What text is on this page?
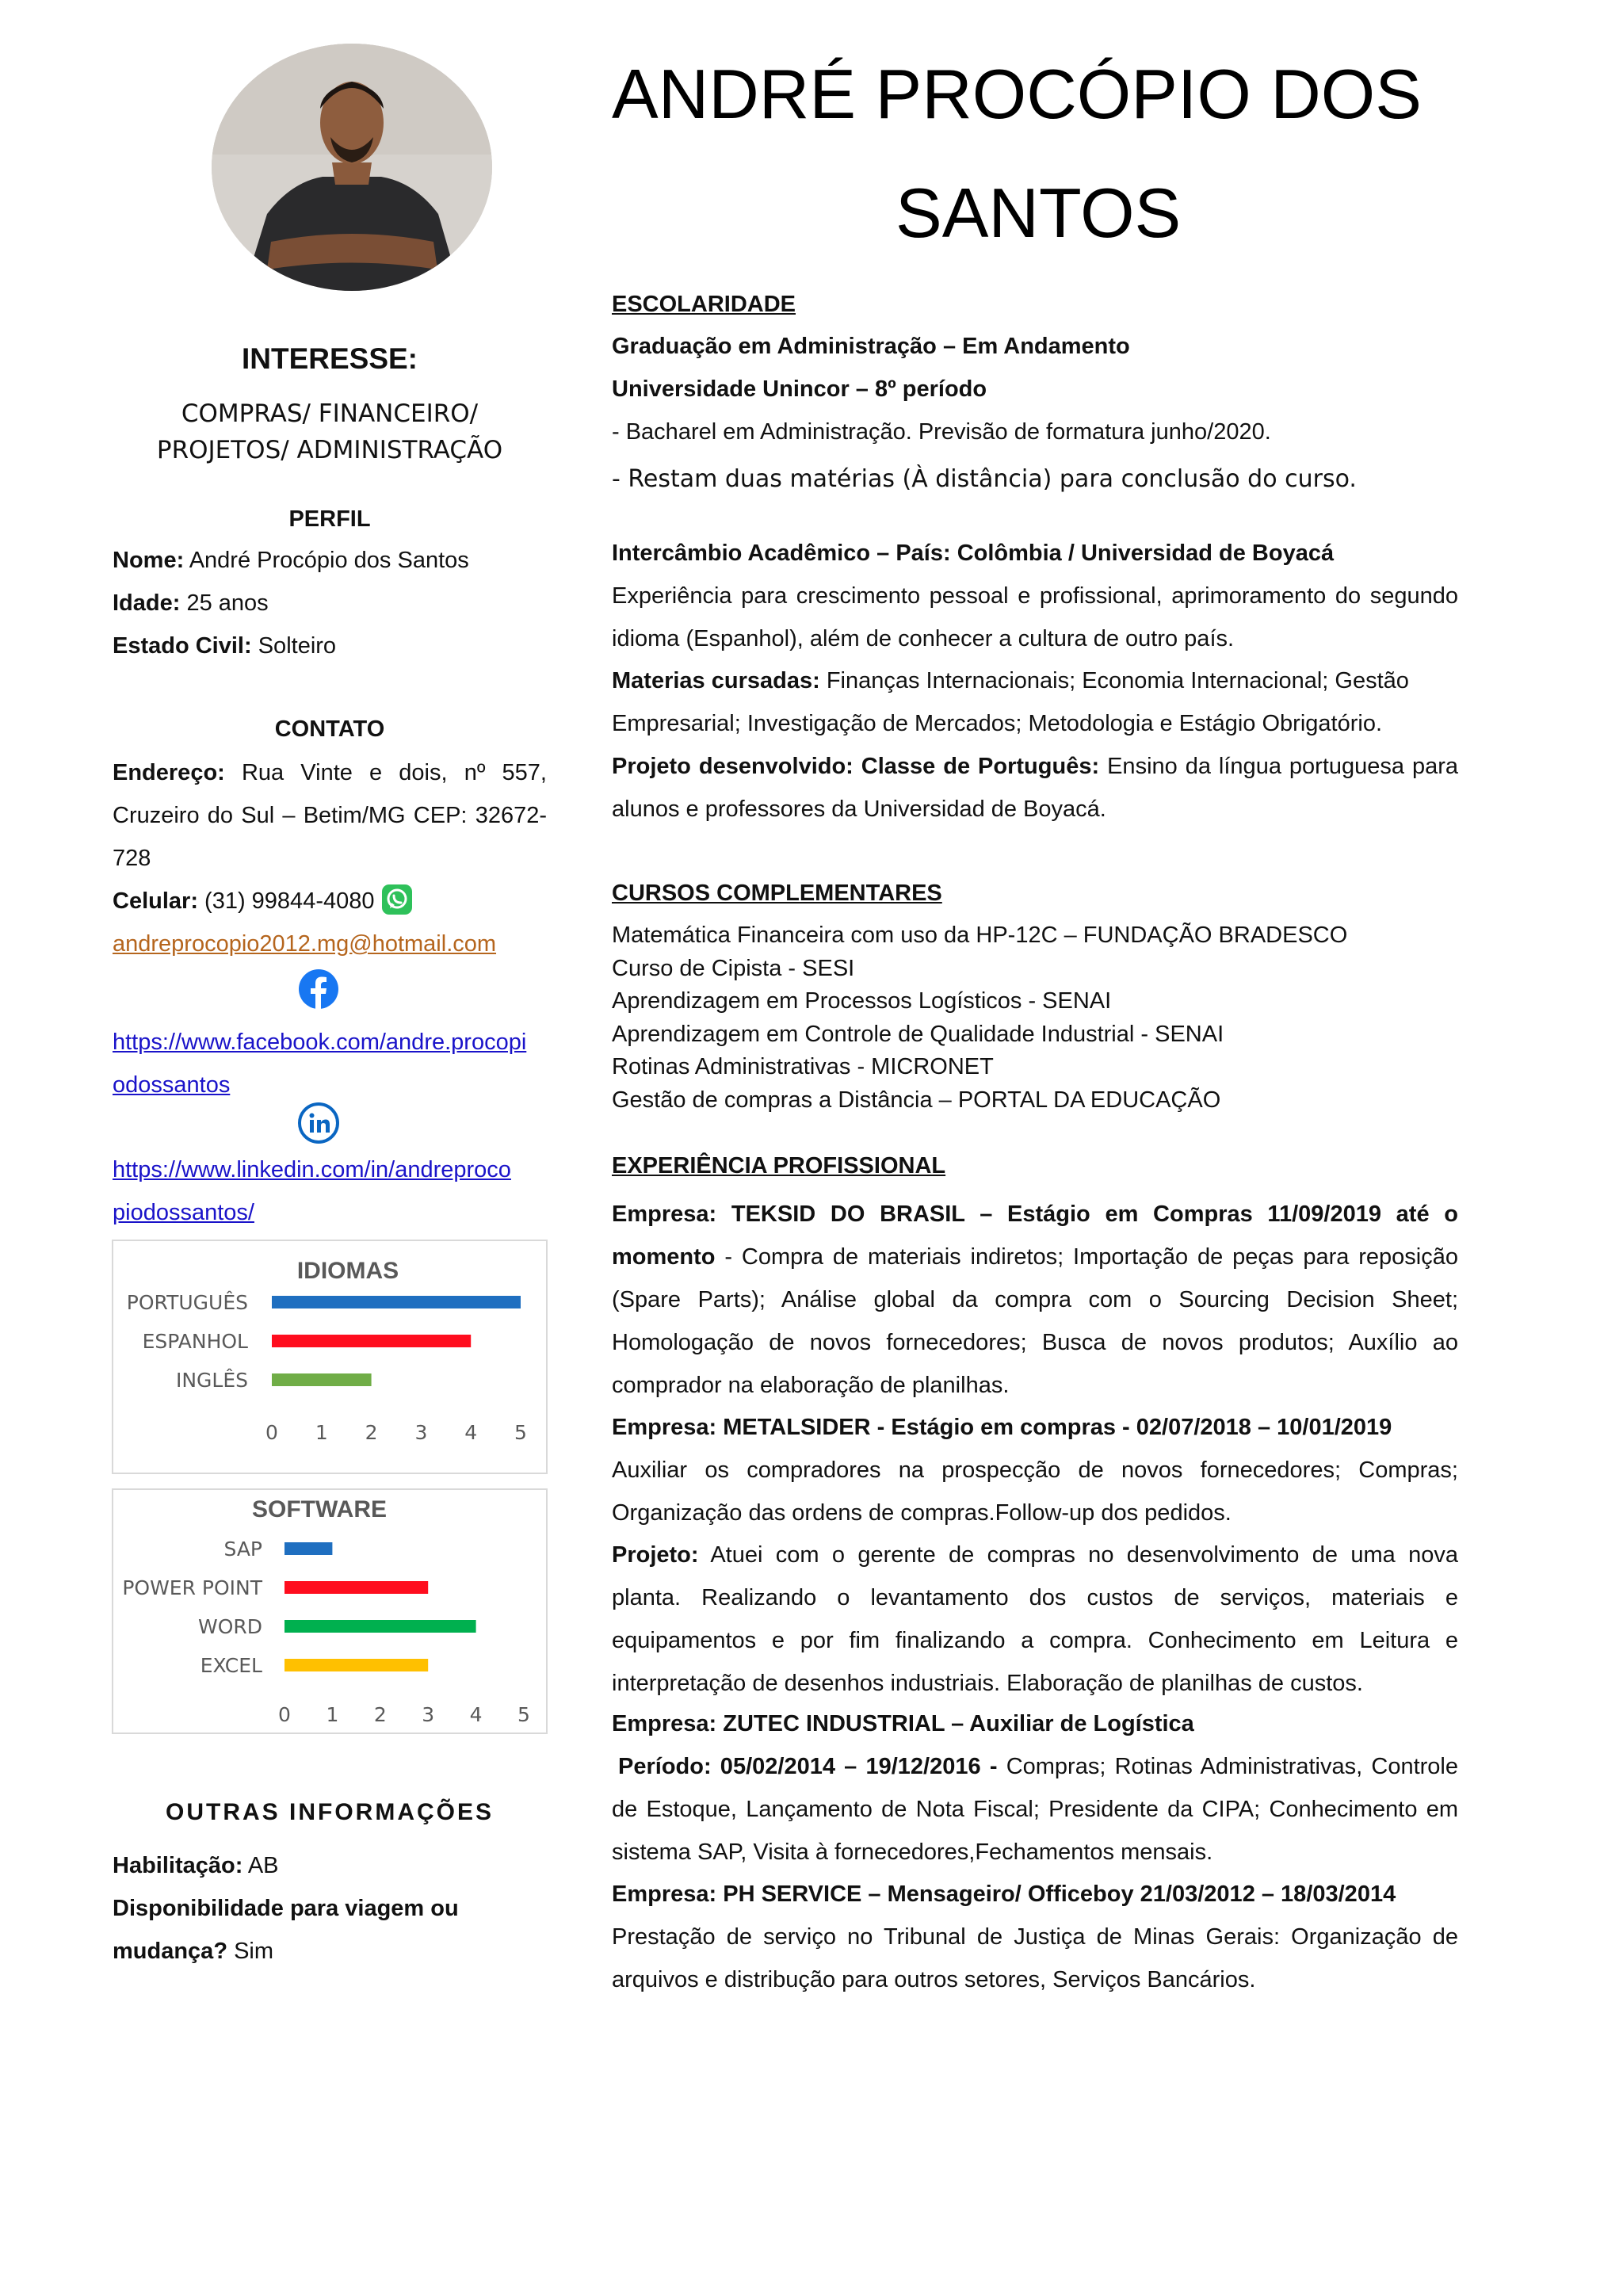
ANDRÉ PROCÓPIO DOS
SANTOS
INTERESSE:
COMPRAS/ FINANCEIRO/
PROJETOS/ ADMINISTRAÇÃO
PERFIL
Nome: André Procópio dos Santos
Idade: 25 anos
Estado Civil: Solteiro
CONTATO
Endereço: Rua Vinte e dois, nº 557, Cruzeiro do Sul – Betim/MG CEP: 32672-728
Celular: (31) 99844-4080
andreprocopio2012.mg@hotmail.com
https://www.facebook.com/andre.procopi
odossantos
https://www.linkedin.com/in/andreproco
piodossantos/
IDIOMAS
PORTUGUÊS
ESPANHOL
INGLÊS
0 1 2 3 4 5
SOFTWARE
SAP
POWER POINT
WORD
EXCEL
0 1 2 3 4 5
OUTRAS INFORMAÇÕES
Habilitação: AB
Disponibilidade para viagem ou
mudança? Sim
ESCOLARIDADE
Graduação em Administração – Em Andamento
Universidade Unincor – 8º período
- Bacharel em Administração. Previsão de formatura junho/2020.
- Restam duas matérias (À distância) para conclusão do curso.
Intercâmbio Acadêmico – País: Colômbia / Universidad de Boyacá
Experiência para crescimento pessoal e profissional, aprimoramento do segundo idioma (Espanhol), além de conhecer a cultura de outro país.
Materias cursadas: Finanças Internacionais; Economia Internacional; Gestão Empresarial; Investigação de Mercados; Metodologia e Estágio Obrigatório.
Projeto desenvolvido: Classe de Português: Ensino da língua portuguesa para alunos e professores da Universidad de Boyacá.
CURSOS COMPLEMENTARES
Matemática Financeira com uso da HP-12C – FUNDAÇÃO BRADESCO
Curso de Cipista - SESI
Aprendizagem em Processos Logísticos - SENAI
Aprendizagem em Controle de Qualidade Industrial - SENAI
Rotinas Administrativas - MICRONET
Gestão de compras a Distância – PORTAL DA EDUCAÇÃO
EXPERIÊNCIA PROFISSIONAL
Empresa: TEKSID DO BRASIL – Estágio em Compras 11/09/2019 até o momento - Compra de materiais indiretos; Importação de peças para reposição (Spare Parts); Análise global da compra com o Sourcing Decision Sheet; Homologação de novos fornecedores; Busca de novos produtos; Auxílio ao comprador na elaboração de planilhas.
Empresa: METALSIDER - Estágio em compras - 02/07/2018 – 10/01/2019
Auxiliar os compradores na prospecção de novos fornecedores; Compras; Organização das ordens de compras.Follow-up dos pedidos.
Projeto: Atuei com o gerente de compras no desenvolvimento de uma nova planta. Realizando o levantamento dos custos de serviços, materiais e equipamentos e por fim finalizando a compra. Conhecimento em Leitura e interpretação de desenhos industriais. Elaboração de planilhas de custos.
Empresa: ZUTEC INDUSTRIAL – Auxiliar de Logística
Período: 05/02/2014 – 19/12/2016 - Compras; Rotinas Administrativas, Controle de Estoque, Lançamento de Nota Fiscal; Presidente da CIPA; Conhecimento em sistema SAP, Visita à fornecedores,Fechamentos mensais.
Empresa: PH SERVICE – Mensageiro/ Officeboy 21/03/2012 – 18/03/2014
Prestação de serviço no Tribunal de Justiça de Minas Gerais: Organização de arquivos e distribução para outros setores, Serviços Bancários.
